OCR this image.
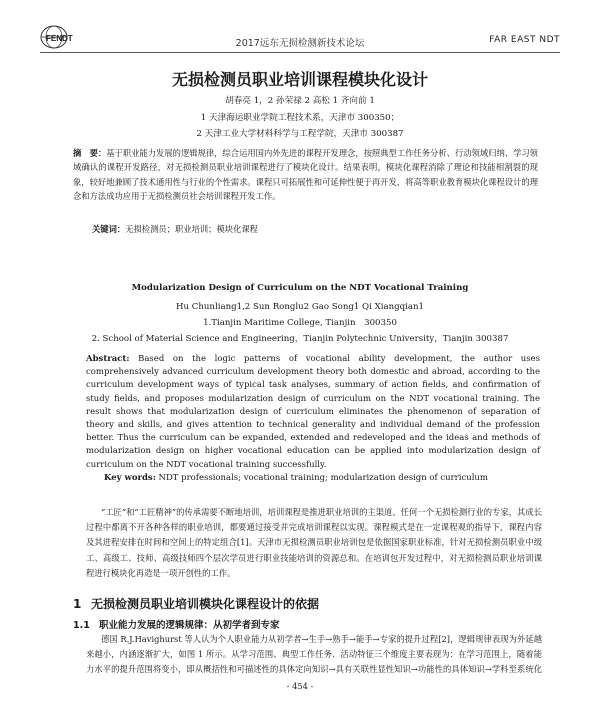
FENDT	2017远东无损检测新技术论坛	FAR EAST NDT
无损检测员职业培训课程模块化设计
胡春亮 1，2 孙荣禄 2 高松 1 齐向前 1
1 天津海运职业学院工程技术系，天津市 300350；
2 天津工业大学材料科学与工程学院，天津市 300387
摘　要：基于职业能力发展的逻辑规律，综合运用国内外先进的课程开发理念，按照典型工作任务分析、行动领域归纳、学习领域确认的课程开发路径，对无损检测员职业培训课程进行了模块化设计。结果表明，模块化课程消除了理论和技能相割裂的现象，较好地兼顾了技术通用性与行业的个性需求。课程只可拓展性和可延伸性便于再开发，将高等职业教育模块化课程设计的理念和方法成功应用于无损检测员社会培训课程开发工作。
关键词：无损检测员；职业培训；模块化课程
Modularization Design of Curriculum on the NDT Vocational Training
Hu Chunliang1,2 Sun Ronglu2 Gao Song1 Qi Xiangqian1
1.Tianjin Maritime College, Tianjin　300350
2. School of Material Science and Engineering，Tianjin Polytechnic University，Tianjin 300387
Abstract: Based on the logic patterns of vocational ability development, the author uses comprehensively advanced curriculum development theory both domestic and abroad, according to the curriculum development ways of typical task analyses, summary of action fields, and confirmation of study fields, and proposes modularization design of curriculum on the NDT vocational training. The result shows that modularization design of curriculum eliminates the phenomenon of separation of theory and skills, and gives attention to technical generality and individual demand of the profession better. Thus the curriculum can be expanded, extended and redeveloped and the ideas and methods of modularization design on higher vocational education can be applied into modularization design of curriculum on the NDT vocational training successfully.
Key words: NDT professionals; vocational training; modularization design of curriculum
“工匠”和“工匠精神”的传承需要不断地培训，培训课程是推进职业培训的主渠道。任何一个无损检测行业的专家，其成长过程中都离不开各种各样的职业培训，都要通过接受并完成培训课程以实现。课程模式是在一定课程观的指导下，课程内容及其进程安排在时间和空间上的特定组合[1]。天津市无损检测员职业培训包是依据国家职业标准，针对无损检测员职业中级工、高级工、技师、高级技师四个层次学员进行职业技能培训的资源总和。在培训包开发过程中，对无损检测员职业培训课程进行模块化再造是一项开创性的工作。
1 无损检测员职业培训模块化课程设计的依据
1.1 职业能力发展的逻辑规律：从初学者到专家
德国 R.J.Havighurst 等人认为个人职业能力从初学者→生手→熟手→能手→专家的提升过程[2]，逻辑规律表现为外延越来越小，内涵逐渐扩大，如图 1 所示。从学习范围、典型工作任务、活动特征三个维度主要表现为：在学习范围上，随着能力水平的提升范围将变小，即从概括性和可描述性的具体定向知识→具有关联性显性知识→功能性的具体知识→学科至系统化
- 454 -
